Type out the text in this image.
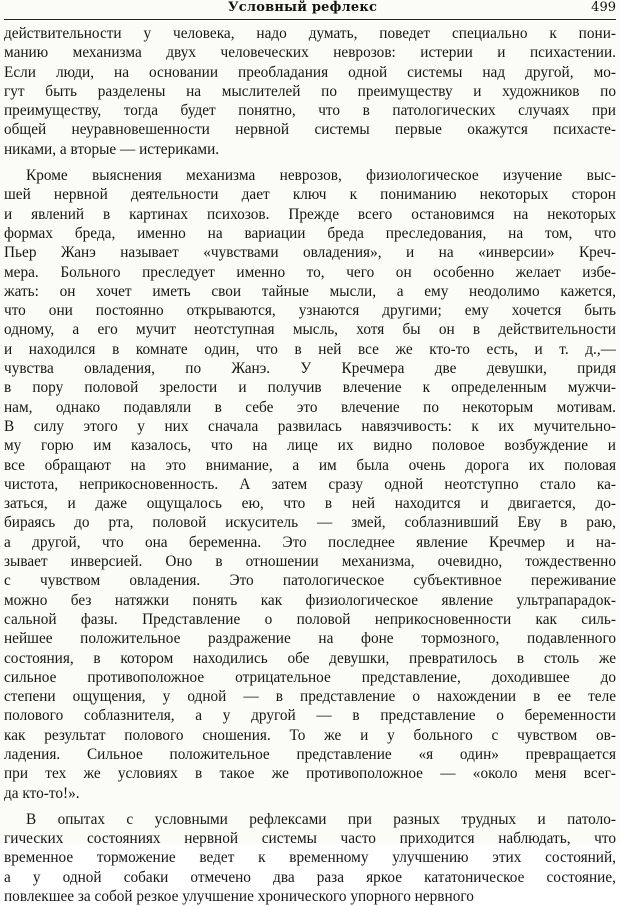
Условный рефлекс	499
действительности у человека, надо думать, поведет специально к пони-
манию механизма двух человеческих неврозов: истерии и психастении.
Если люди, на основании преобладания одной системы над другой, мо-
гут быть разделены на мыслителей по преимуществу и художников по
преимуществу, тогда будет понятно, что в патологических случаях при
общей неуравновешенности нервной системы первые окажутся психасте-
никами, а вторые — истериками.
Кроме выяснения механизма неврозов, физиологическое изучение выс-
шей нервной деятельности дает ключ к пониманию некоторых сторон
и явлений в картинах психозов. Прежде всего остановимся на некоторых
формах бреда, именно на вариации бреда преследования, на том, что
Пьер Жанэ называет «чувствами овладения», и на «инверсии» Креч-
мера. Больного преследует именно то, чего он особенно желает избе-
жать: он хочет иметь свои тайные мысли, а ему неодолимо кажется,
что они постоянно открываются, узнаются другими; ему хочется быть
одному, а его мучит неотступная мысль, хотя бы он в действительности
и находился в комнате один, что в ней все же кто-то есть, и т. д.,—
чувства овладения, по Жанэ. У Кречмера две девушки, придя
в пору половой зрелости и получив влечение к определенным мужчи-
нам, однако подавляли в себе это влечение по некоторым мотивам.
В силу этого у них сначала развилась навязчивость: к их мучительно-
му горю им казалось, что на лице их видно половое возбуждение и
все обращают на это внимание, а им была очень дорога их половая
чистота, неприкосновенность. А затем сразу одной неотступно стало ка-
заться, и даже ощущалось ею, что в ней находится и двигается, до-
бираясь до рта, половой искуситель — змей, соблазнивший Еву в раю,
а другой, что она беременна. Это последнее явление Кречмер и на-
зывает инверсией. Оно в отношении механизма, очевидно, тождественно
с чувством овладения. Это патологическое субъективное переживание
можно без натяжки понять как физиологическое явление ультрапарадок-
сальной фазы. Представление о половой неприкосновенности как силь-
нейшее положительное раздражение на фоне тормозного, подавленного
состояния, в котором находились обе девушки, превратилось в столь же
сильное противоположное отрицательное представление, доходившее до
степени ощущения, у одной — в представление о нахождении в ее теле
полового соблазнителя, а у другой — в представление о беременности
как результат полового сношения. То же и у больного с чувством ов-
ладения. Сильное положительное представление «я один» превращается
при тех же условиях в такое же противоположное — «около меня всег-
да кто-то!».
В опытах с условными рефлексами при разных трудных и патоло-
гических состояниях нервной системы часто приходится наблюдать, что
временное торможение ведет к временному улучшению этих состояний,
а у одной собаки отмечено два раза яркое кататоническое состояние,
повлекшее за собой резкое улучшение хронического упорного нервного
